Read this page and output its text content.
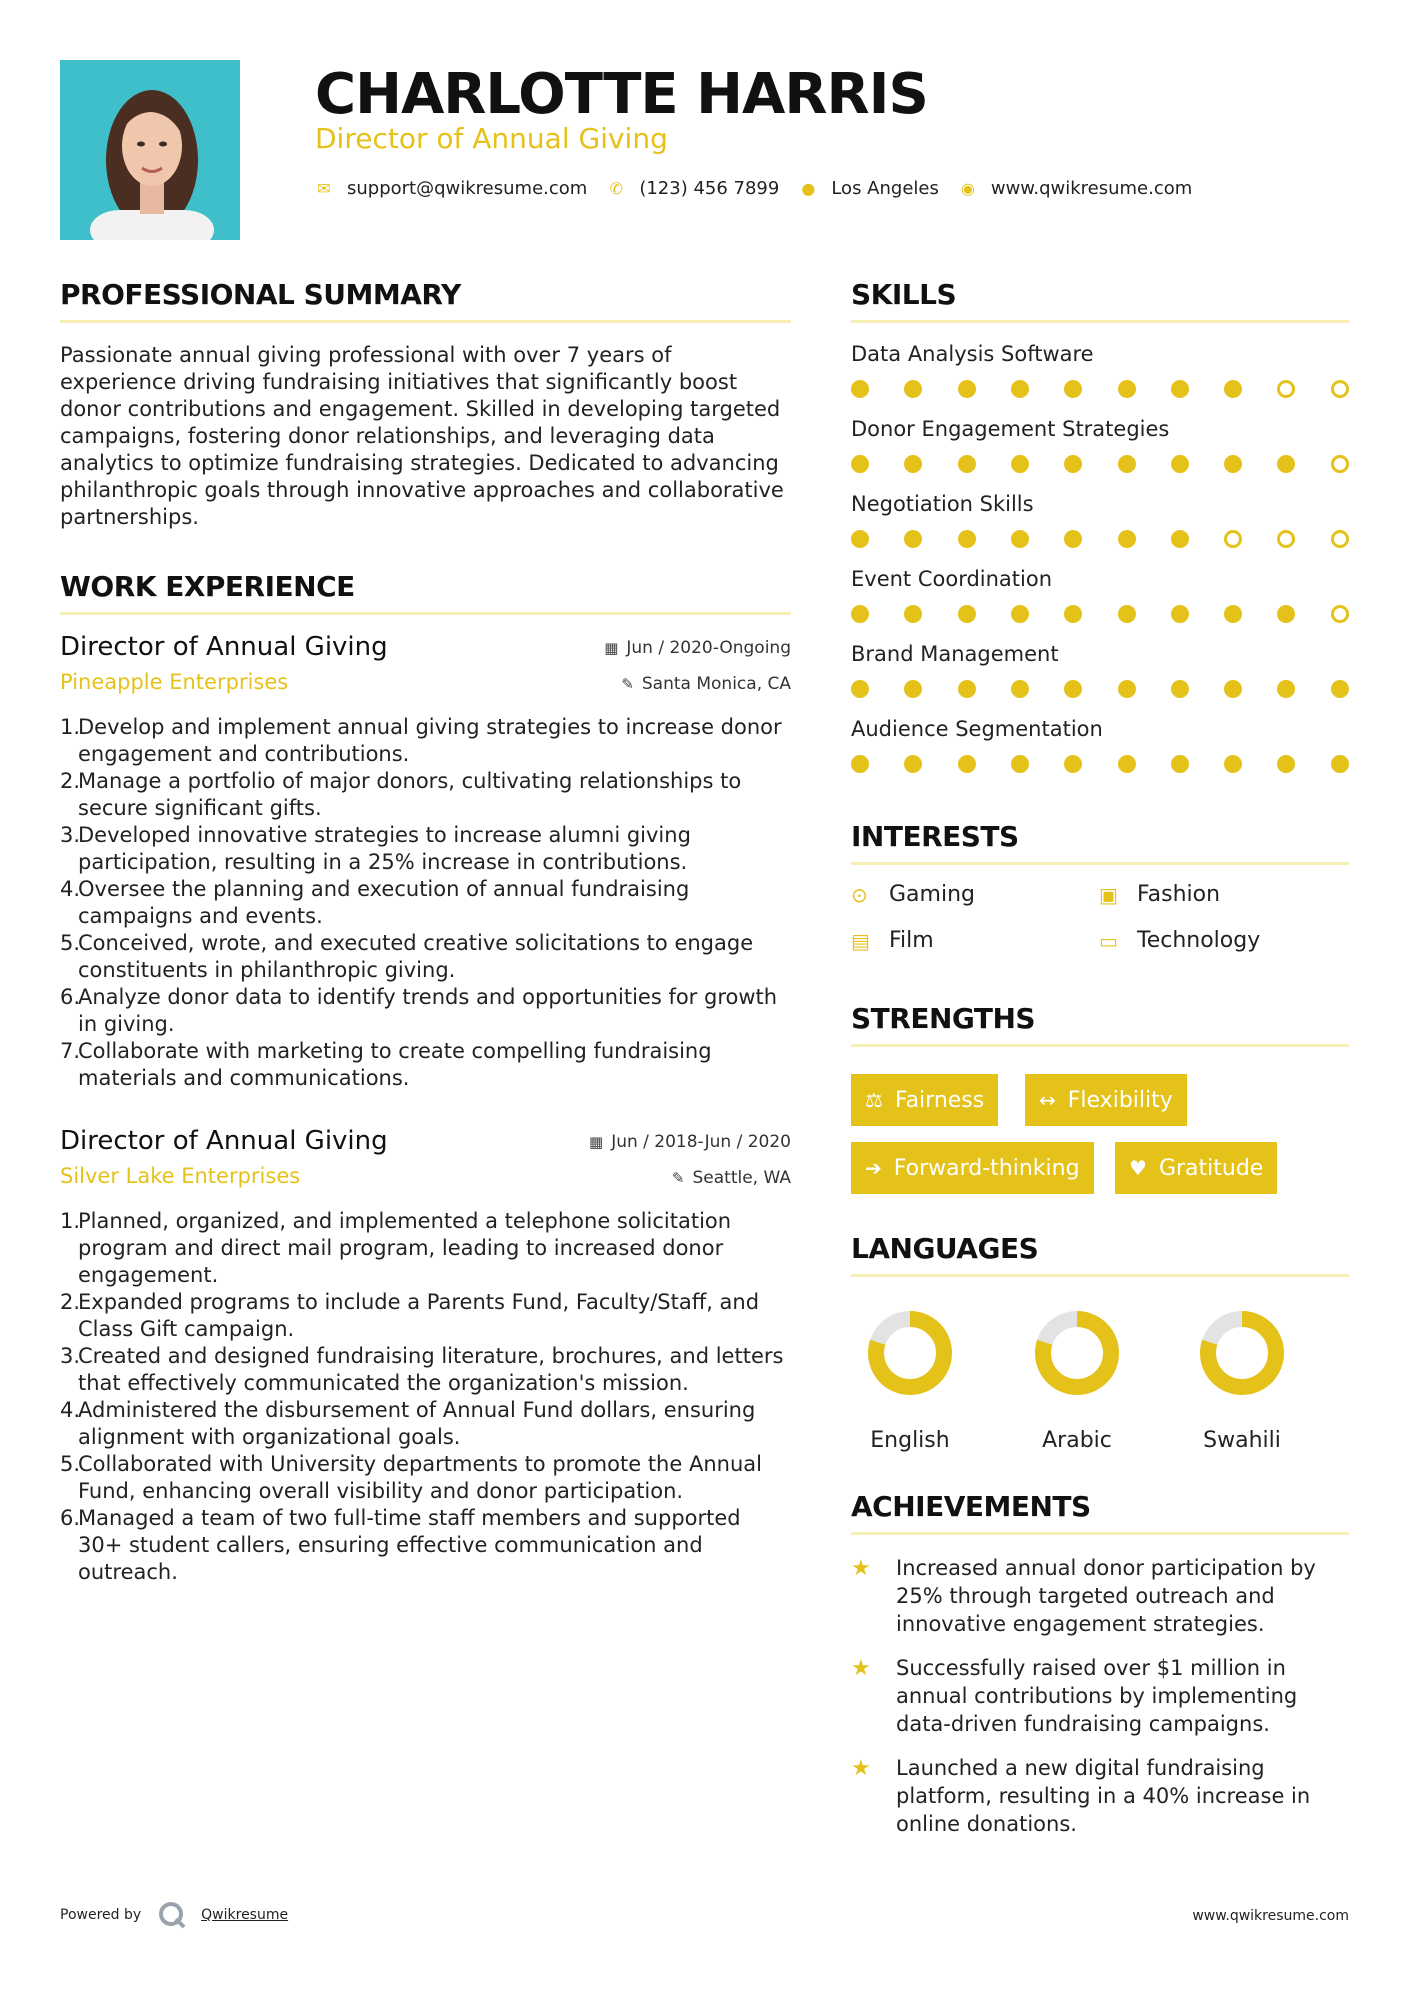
CHARLOTTE HARRIS
Director of Annual Giving
✉ support@qwikresume.com ✆ (123) 456 7899 ● Los Angeles ◉ www.qwikresume.com
PROFESSIONAL SUMMARY
Passionate annual giving professional with over 7 years of experience driving fundraising initiatives that significantly boost donor contributions and engagement. Skilled in developing targeted campaigns, fostering donor relationships, and leveraging data analytics to optimize fundraising strategies. Dedicated to advancing philanthropic goals through innovative approaches and collaborative partnerships.
WORK EXPERIENCE
Director of Annual Giving	▦ Jun / 2020-Ongoing
Pineapple Enterprises	✎ Santa Monica, CA
1.
Develop and implement annual giving strategies to increase donor engagement and contributions.
2.
Manage a portfolio of major donors, cultivating relationships to secure significant gifts.
3.
Developed innovative strategies to increase alumni giving participation, resulting in a 25% increase in contributions.
4.
Oversee the planning and execution of annual fundraising campaigns and events.
5.
Conceived, wrote, and executed creative solicitations to engage constituents in philanthropic giving.
6.
Analyze donor data to identify trends and opportunities for growth in giving.
7.
Collaborate with marketing to create compelling fundraising materials and communications.
Director of Annual Giving	▦ Jun / 2018-Jun / 2020
Silver Lake Enterprises	✎ Seattle, WA
1.
Planned, organized, and implemented a telephone solicitation program and direct mail program, leading to increased donor engagement.
2.
Expanded programs to include a Parents Fund, Faculty/Staff, and Class Gift campaign.
3.
Created and designed fundraising literature, brochures, and letters that effectively communicated the organization's mission.
4.
Administered the disbursement of Annual Fund dollars, ensuring alignment with organizational goals.
5.
Collaborated with University departments to promote the Annual Fund, enhancing overall visibility and donor participation.
6.
Managed a team of two full-time staff members and supported 30+ student callers, ensuring effective communication and outreach.
SKILLS
Data Analysis Software
Donor Engagement Strategies
Negotiation Skills
Event Coordination
Brand Management
Audience Segmentation
INTERESTS
⊙ Gaming	▣ Fashion
▤ Film	▭ Technology
STRENGTHS
⚖ Fairness	↔ Flexibility
➔ Forward-thinking ♥ Gratitude
LANGUAGES
English	Arabic	Swahili
ACHIEVEMENTS
★	Increased annual donor participation by 25% through targeted outreach and innovative engagement strategies.
★	Successfully raised over $1 million in annual contributions by implementing data-driven fundraising campaigns.
★	Launched a new digital fundraising platform, resulting in a 40% increase in online donations.
Powered by	Qwikresume	www.qwikresume.com
